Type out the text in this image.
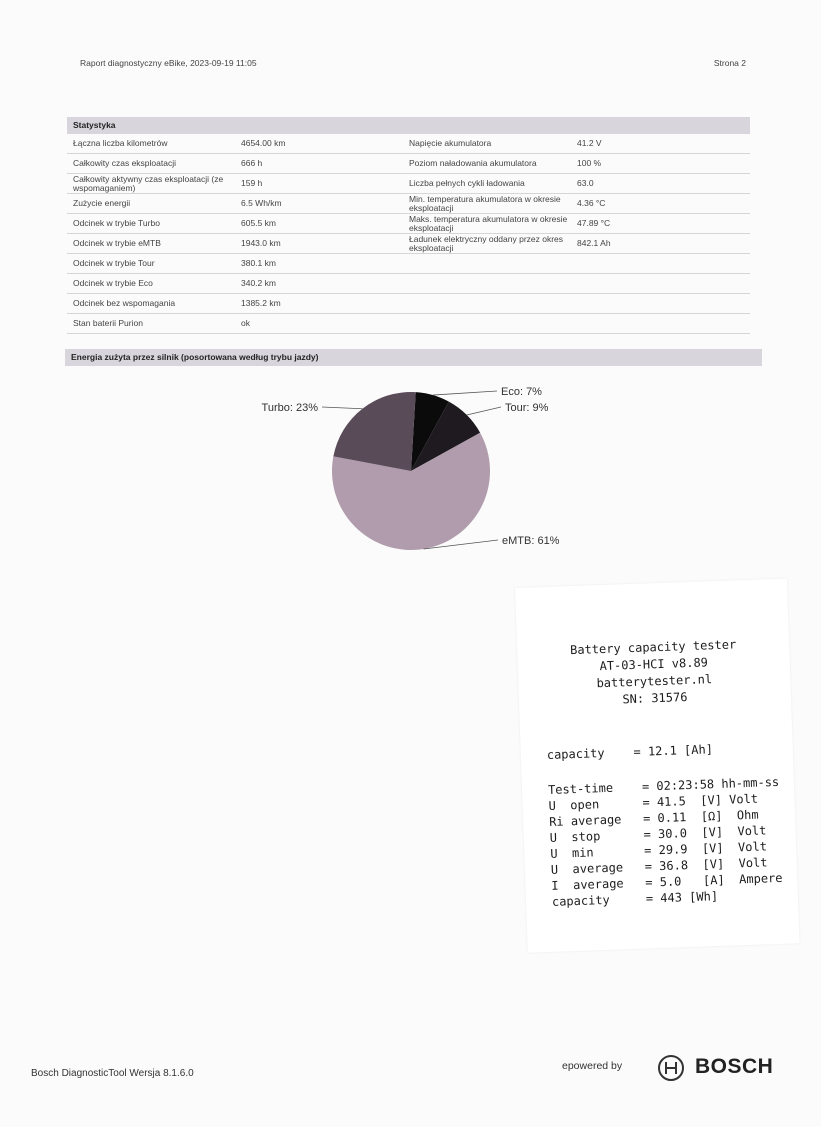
Raport diagnostyczny eBike, 2023-09-19 11:05	Strona 2
Statystyka
Łączna liczba kilometrów	4654.00 km	Napięcie akumulatora	41.2 V
Całkowity czas eksploatacji	666 h	Poziom naładowania akumulatora	100 %
Całkowity aktywny czas eksploatacji (ze wspomaganiem)	159 h	Liczba pełnych cykli ładowania	63.0
Zużycie energii	6.5 Wh/km	Min. temperatura akumulatora w okresie eksploatacji	4.36 °C
Odcinek w trybie Turbo	605.5 km	Maks. temperatura akumulatora w okresie eksploatacji	47.89 °C
Odcinek w trybie eMTB	1943.0 km	Ładunek elektryczny oddany przez okres eksploatacji	842.1 Ah
Odcinek w trybie Tour	380.1 km
Odcinek w trybie Eco	340.2 km
Odcinek bez wspomagania	1385.2 km
Stan baterii Purion	ok
Energia zużyta przez silnik (posortowana według trybu jazdy)
eMTB: 61%
Turbo: 23%
Eco: 7%
Tour: 9%
Battery capacity tester
AT-03-HCI v8.89
batterytester.nl
SN: 31576
capacity    = 12.1 [Ah]
Test-time    = 02:23:58 hh-mm-ss
U  open      = 41.5  [V] Volt
Ri average   = 0.11  [Ω]  Ohm
U  stop      = 30.0  [V]  Volt
U  min       = 29.9  [V]  Volt
U  average   = 36.8  [V]  Volt
I  average   = 5.0   [A]  Ampere
capacity     = 443 [Wh]
Bosch DiagnosticTool Wersja 8.1.6.0
epowered by	BOSCH
